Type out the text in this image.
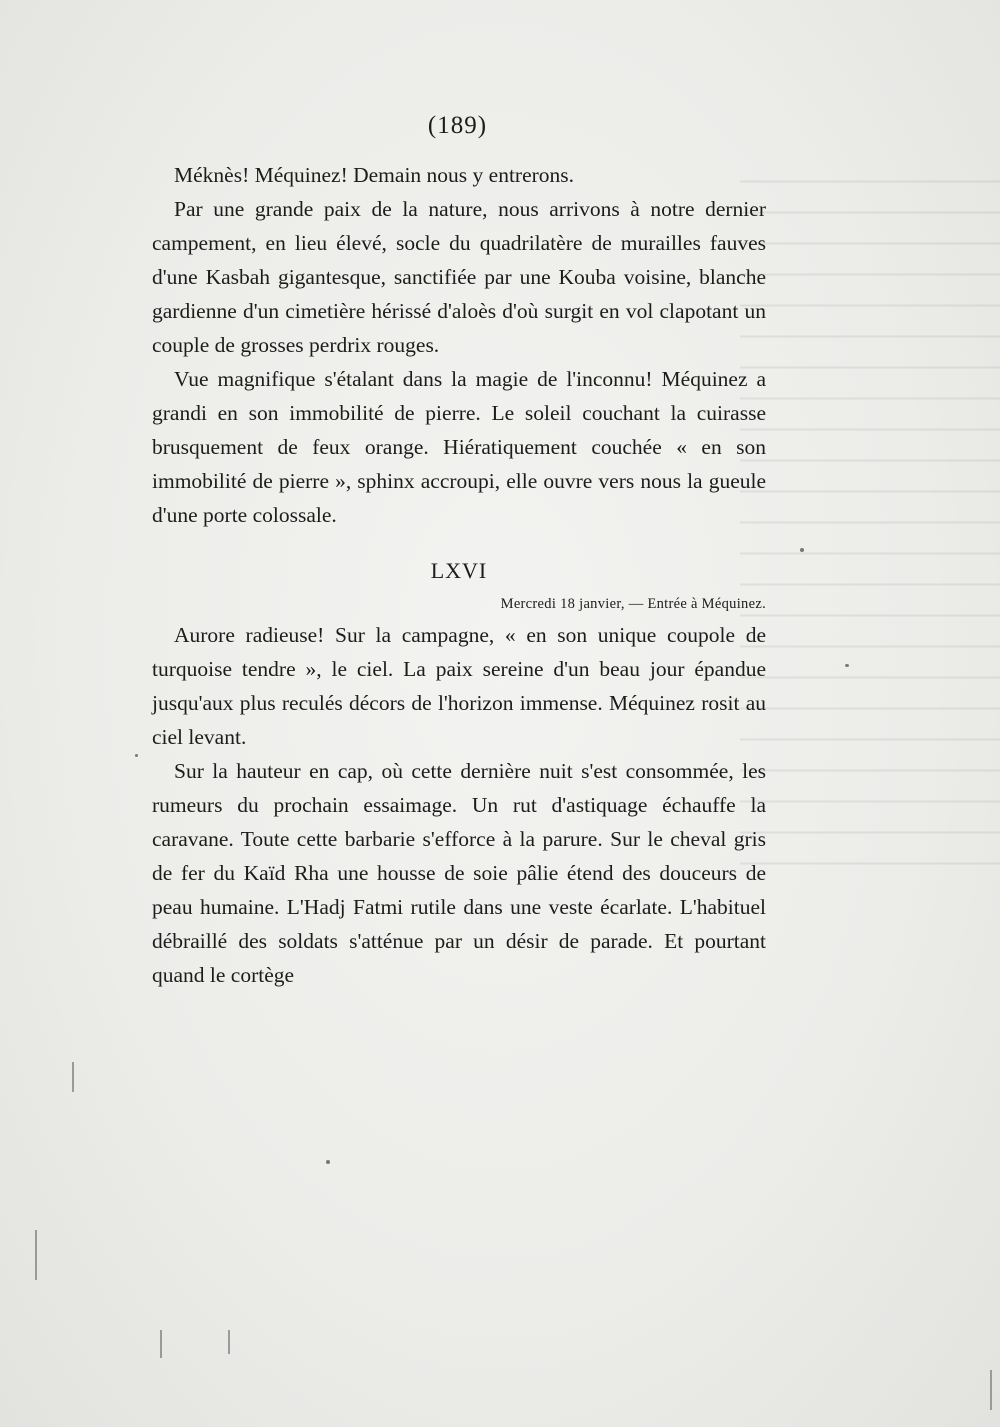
(189)

Méknès! Méquinez! Demain nous y entrerons.

Par une grande paix de la nature, nous arrivons à notre dernier campement, en lieu élevé, socle du quadrilatère de murailles fauves d'une Kasbah gigantesque, sanctifiée par une Kouba voisine, blanche gardienne d'un cimetière hérissé d'aloès d'où surgit en vol clapotant un couple de grosses perdrix rouges.

Vue magnifique s'étalant dans la magie de l'inconnu! Méquinez a grandi en son immobilité de pierre. Le soleil couchant la cuirasse brusquement de feux orange. Hiératiquement couchée « en son immobilité de pierre », sphinx accroupi, elle ouvre vers nous la gueule d'une porte colossale.

LXVI
Mercredi 18 janvier, — Entrée à Méquinez.

Aurore radieuse! Sur la campagne, « en son unique coupole de turquoise tendre », le ciel. La paix sereine d'un beau jour épandue jusqu'aux plus reculés décors de l'horizon immense. Méquinez rosit au ciel levant.

Sur la hauteur en cap, où cette dernière nuit s'est consommée, les rumeurs du prochain essaimage. Un rut d'astiquage échauffe la caravane. Toute cette barbarie s'efforce à la parure. Sur le cheval gris de fer du Kaïd Rha une housse de soie pâlie étend des douceurs de peau humaine. L'Hadj Fatmi rutile dans une veste écarlate. L'habituel débraillé des soldats s'atténue par un désir de parade. Et pourtant quand le cortège
